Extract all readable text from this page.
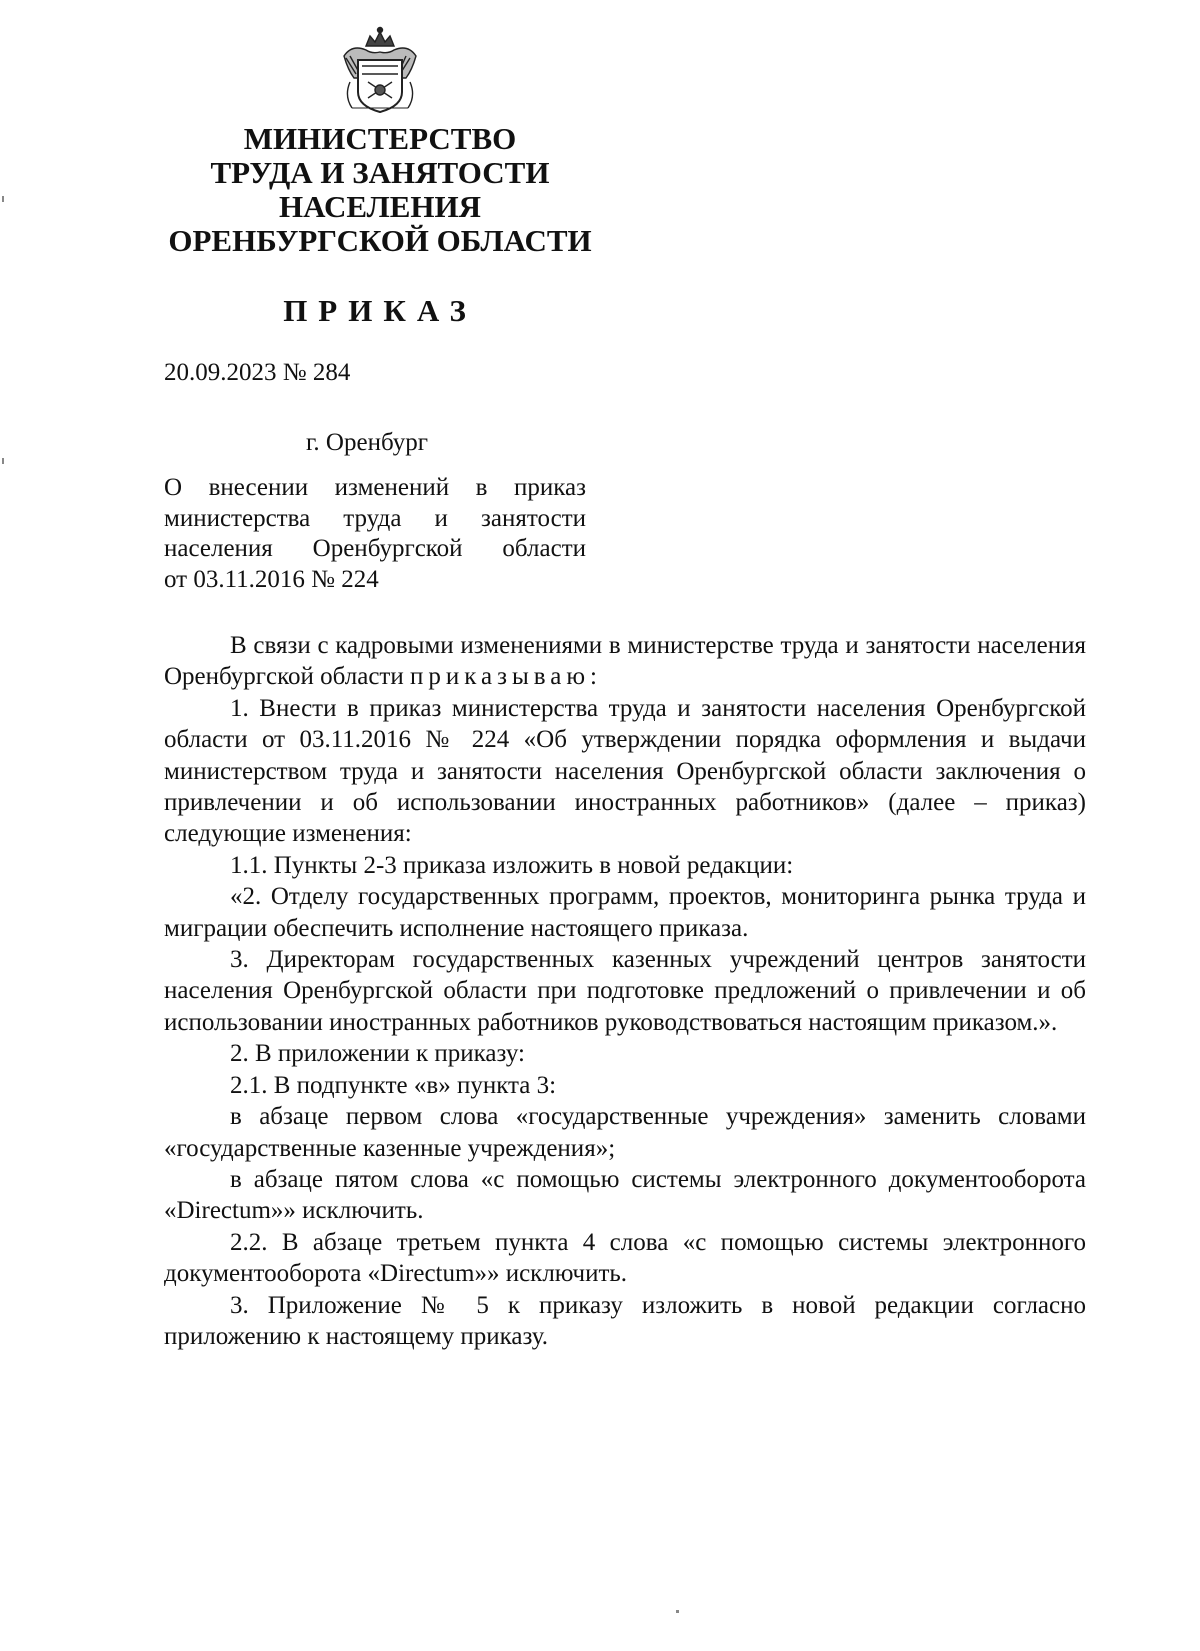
МИНИСТЕРСТВО
ТРУДА И ЗАНЯТОСТИ
НАСЕЛЕНИЯ
ОРЕНБУРГСКОЙ ОБЛАСТИ
ПРИКАЗ
20.09.2023 № 284
г. Оренбург
О внесении изменений в приказ
министерства труда и занятости
населения Оренбургской области
от 03.11.2016 № 224

В связи с кадровыми изменениями в министерстве труда и занятости населения Оренбургской области приказываю:

1. Внести в приказ министерства труда и занятости населения Оренбургской области от 03.11.2016 № 224 «Об утверждении порядка оформления и выдачи министерством труда и занятости населения Оренбургской области заключения о привлечении и об использовании иностранных работников» (далее – приказ) следующие изменения:

1.1. Пункты 2-3 приказа изложить в новой редакции:

«2. Отделу государственных программ, проектов, мониторинга рынка труда и миграции обеспечить исполнение настоящего приказа.

3. Директорам государственных казенных учреждений центров занятости населения Оренбургской области при подготовке предложений о привлечении и об использовании иностранных работников руководствоваться настоящим приказом.».

2. В приложении к приказу:

2.1. В подпункте «в» пункта 3:

в абзаце первом слова «государственные учреждения» заменить словами «государственные казенные учреждения»;

в абзаце пятом слова «с помощью системы электронного документооборота «Directum»» исключить.

2.2. В абзаце третьем пункта 4 слова «с помощью системы электронного документооборота «Directum»» исключить.

3. Приложение № 5 к приказу изложить в новой редакции согласно приложению к настоящему приказу.
